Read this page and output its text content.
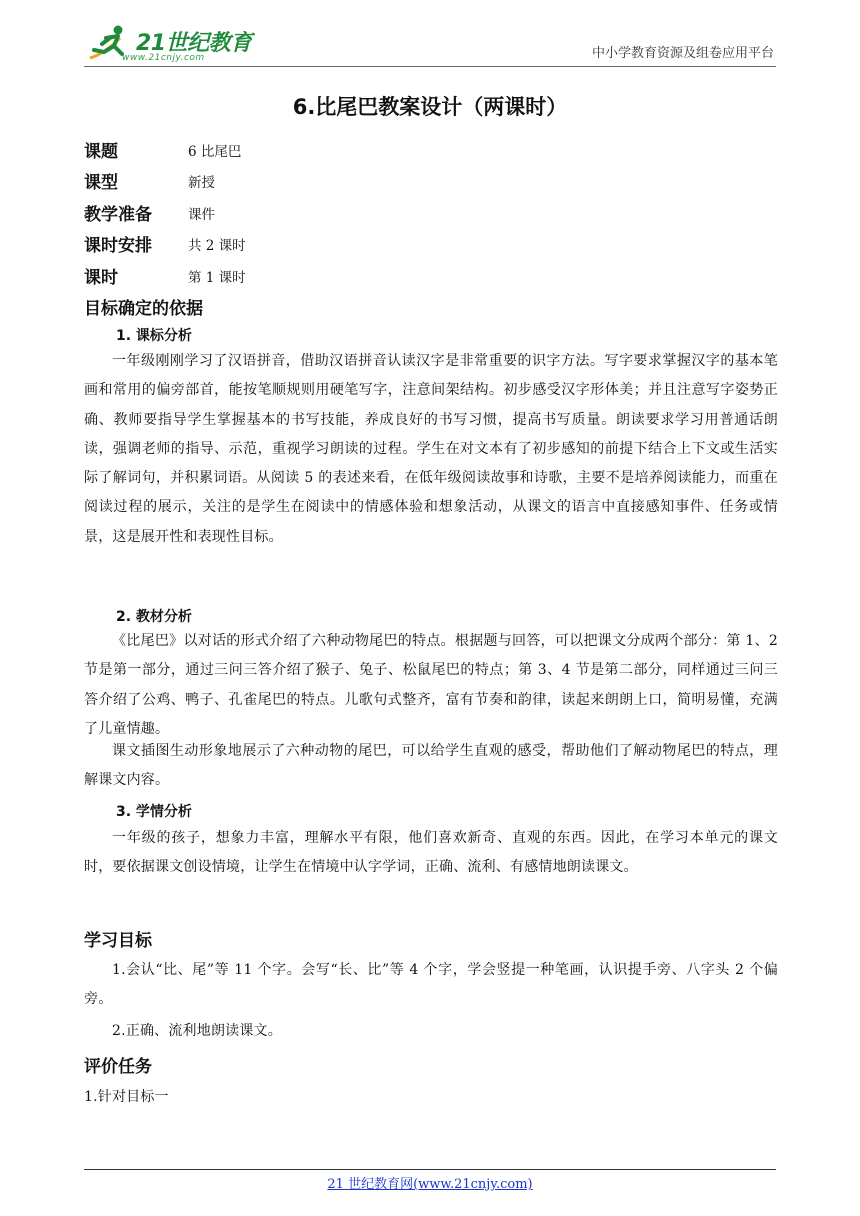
21世纪教育
www.21cnjy.com	中小学教育资源及组卷应用平台
6.比尾巴教案设计（两课时）
课题	6 比尾巴
课型	新授
教学准备	课件
课时安排	共 2 课时
课时	第 1 课时
目标确定的依据
1. 课标分析

一年级刚刚学习了汉语拼音，借助汉语拼音认读汉字是非常重要的识字方法。写字要求掌握汉字的基本笔画和常用的偏旁部首，能按笔顺规则用硬笔写字，注意间架结构。初步感受汉字形体美；并且注意写字姿势正确、教师要指导学生掌握基本的书写技能，养成良好的书写习惯，提高书写质量。朗读要求学习用普通话朗读，强调老师的指导、示范，重视学习朗读的过程。学生在对文本有了初步感知的前提下结合上下文或生活实际了解词句，并积累词语。从阅读 5 的表述来看，在低年级阅读故事和诗歌，主要不是培养阅读能力，而重在阅读过程的展示，关注的是学生在阅读中的情感体验和想象活动，从课文的语言中直接感知事件、任务或情景，这是展开性和表现性目标。

2. 教材分析

《比尾巴》以对话的形式介绍了六种动物尾巴的特点。根据题与回答，可以把课文分成两个部分：第 1、2 节是第一部分，通过三问三答介绍了猴子、兔子、松鼠尾巴的特点；第 3、4 节是第二部分，同样通过三问三答介绍了公鸡、鸭子、孔雀尾巴的特点。儿歌句式整齐，富有节奏和韵律，读起来朗朗上口，简明易懂，充满了儿童情趣。

课文插图生动形象地展示了六种动物的尾巴，可以给学生直观的感受，帮助他们了解动物尾巴的特点，理解课文内容。

3. 学情分析

一年级的孩子，想象力丰富，理解水平有限，他们喜欢新奇、直观的东西。因此，在学习本单元的课文时，要依据课文创设情境，让学生在情境中认字学词，正确、流利、有感情地朗读课文。

学习目标

1.会认“比、尾”等 11 个字。会写“长、比”等 4 个字，学会竖提一种笔画，认识提手旁、八字头 2 个偏旁。

2.正确、流利地朗读课文。

评价任务

1.针对目标一

21 世纪教育网(www.21cnjy.com)
